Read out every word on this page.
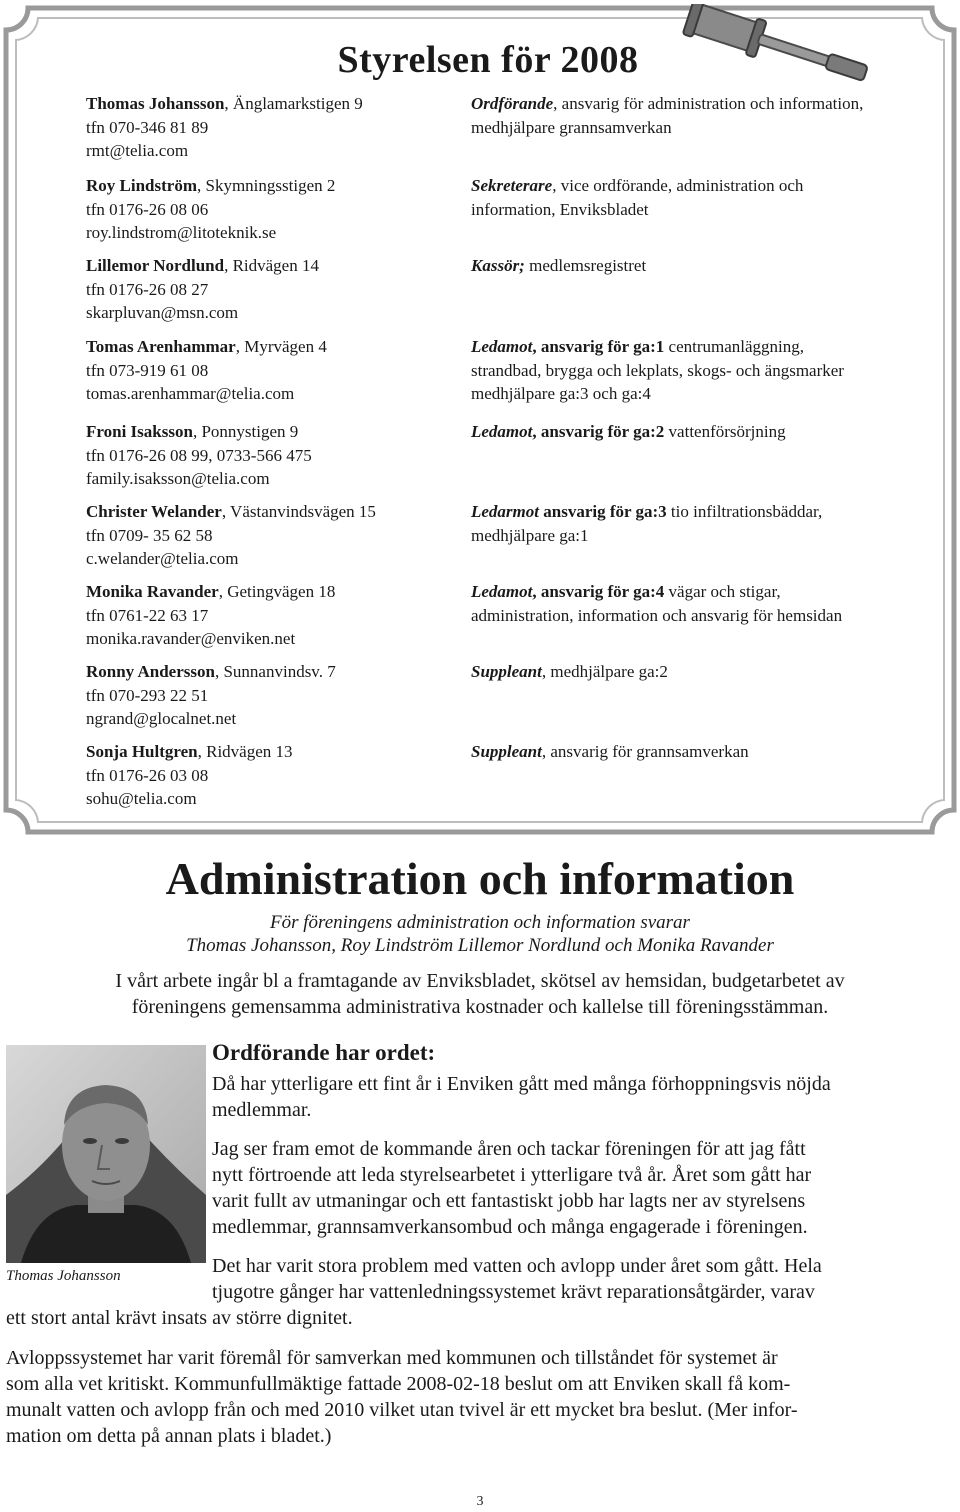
Styrelsen för 2008
Thomas Johansson, Änglamarkstigen 9
tfn 070-346 81 89
rmt@telia.com
Roy Lindström, Skymningsstigen 2
tfn 0176-26 08 06
roy.lindstrom@litoteknik.se
Lillemor Nordlund, Ridvägen 14
tfn 0176-26 08 27
skarpluvan@msn.com
Tomas Arenhammar, Myrvägen 4
tfn 073-919 61 08
tomas.arenhammar@telia.com
Froni Isaksson, Ponnystigen 9
tfn 0176-26 08 99, 0733-566 475
family.isaksson@telia.com
Christer Welander, Västanvindsvägen 15
tfn 0709- 35 62 58
c.welander@telia.com
Monika Ravander, Getingvägen 18
tfn 0761-22 63 17
monika.ravander@enviken.net
Ronny Andersson, Sunnanvindsv. 7
tfn 070-293 22 51
ngrand@glocalnet.net
Sonja Hultgren, Ridvägen 13
tfn 0176-26 03 08
sohu@telia.com
Ordförande, ansvarig för administration och information,
medhjälpare grannsamverkan
Sekreterare, vice ordförande, administration och
information, Enviksbladet
Kassör; medlemsregistret
Ledamot, ansvarig för ga:1 centrumanläggning,
strandbad, brygga och lekplats, skogs- och ängsmarker
medhjälpare ga:3 och ga:4
Ledamot, ansvarig för ga:2 vattenförsörjning
Ledarmot ansvarig för ga:3 tio infiltrationsbäddar,
medhjälpare ga:1
Ledamot, ansvarig för ga:4 vägar och stigar,
administration, information och ansvarig för hemsidan
Suppleant, medhjälpare ga:2
Suppleant, ansvarig för grannsamverkan
Administration och information
För föreningens administration och information svarar
Thomas Johansson, Roy Lindström Lillemor Nordlund och Monika Ravander
I vårt arbete ingår bl a framtagande av Enviksbladet, skötsel av hemsidan, budgetarbetet av
föreningens gemensamma administrativa kostnader och kallelse till föreningsstämman.
Thomas Johansson
Ordförande har ordet:
Då har ytterligare ett fint år i Enviken gått med många förhoppningsvis nöjda
medlemmar.
Jag ser fram emot de kommande åren och tackar föreningen för att jag fått
nytt förtroende att leda styrelsearbetet i ytterligare två år. Året som gått har
varit fullt av utmaningar och ett fantastiskt jobb har lagts ner av styrelsens
medlemmar, grannsamverkansombud och många engagerade i föreningen.
Det har varit stora problem med vatten och avlopp under året som gått. Hela
tjugotre gånger har vattenledningssystemet krävt reparationsåtgärder, varav
ett stort antal krävt insats av större dignitet.
Avloppssystemet har varit föremål för samverkan med kommunen och tillståndet för systemet är
som alla vet kritiskt. Kommunfullmäktige fattade 2008-02-18 beslut om att Enviken skall få kom-
munalt vatten och avlopp från och med 2010 vilket utan tvivel är ett mycket bra beslut. (Mer infor-
mation om detta på annan plats i bladet.)
3
